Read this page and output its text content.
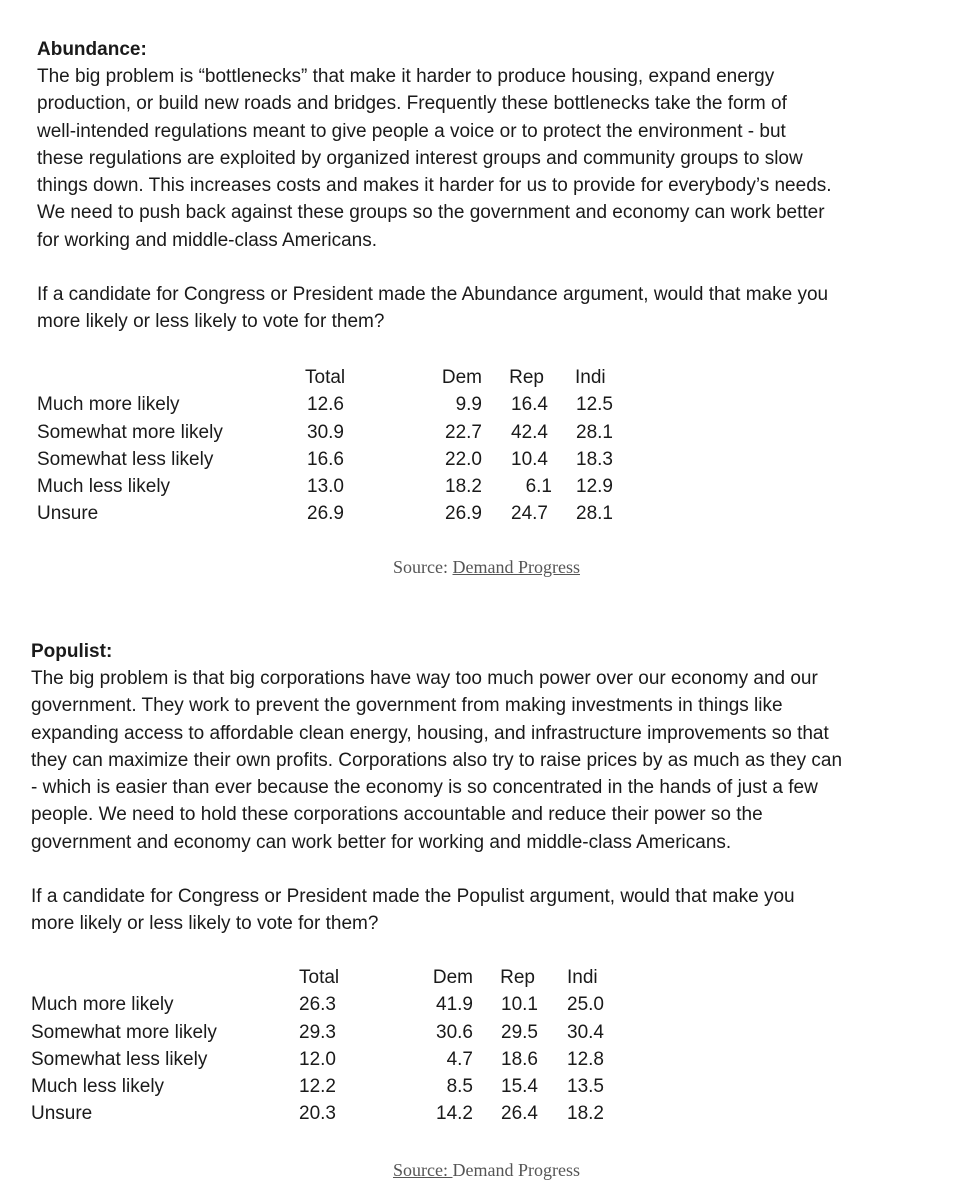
Abundance:

The big problem is “bottlenecks” that make it harder to produce housing, expand energy

production, or build new roads and bridges. Frequently these bottlenecks take the form of

well-intended regulations meant to give people a voice or to protect the environment - but

these regulations are exploited by organized interest groups and community groups to slow

things down. This increases costs and makes it harder for us to provide for everybody’s needs.

We need to push back against these groups so the government and economy can work better

for working and middle-class Americans.

If a candidate for Congress or President made the Abundance argument, would that make you

more likely or less likely to vote for them?

Total	Dem	Rep Indi
Much more likely	12.6	9.9	16.4 12.5
Somewhat more likely	30.9	22.7	42.4 28.1
Somewhat less likely	16.6	22.0	10.4 18.3
Much less likely	13.0	18.2	6.1 12.9
Unsure	26.9	26.9	24.7 28.1
Source: Demand Progress

Populist:

The big problem is that big corporations have way too much power over our economy and our

government. They work to prevent the government from making investments in things like

expanding access to affordable clean energy, housing, and infrastructure improvements so that

they can maximize their own profits. Corporations also try to raise prices by as much as they can

- which is easier than ever because the economy is so concentrated in the hands of just a few

people. We need to hold these corporations accountable and reduce their power so the

government and economy can work better for working and middle-class Americans.

If a candidate for Congress or President made the Populist argument, would that make you

more likely or less likely to vote for them?

Total	Dem	Rep Indi
Much more likely	26.3	41.9	10.1 25.0
Somewhat more likely	29.3	30.6	29.5 30.4
Somewhat less likely	12.0	4.7	18.6 12.8
Much less likely	12.2	8.5	15.4 13.5
Unsure	20.3	14.2	26.4 18.2
Source: Demand Progress
